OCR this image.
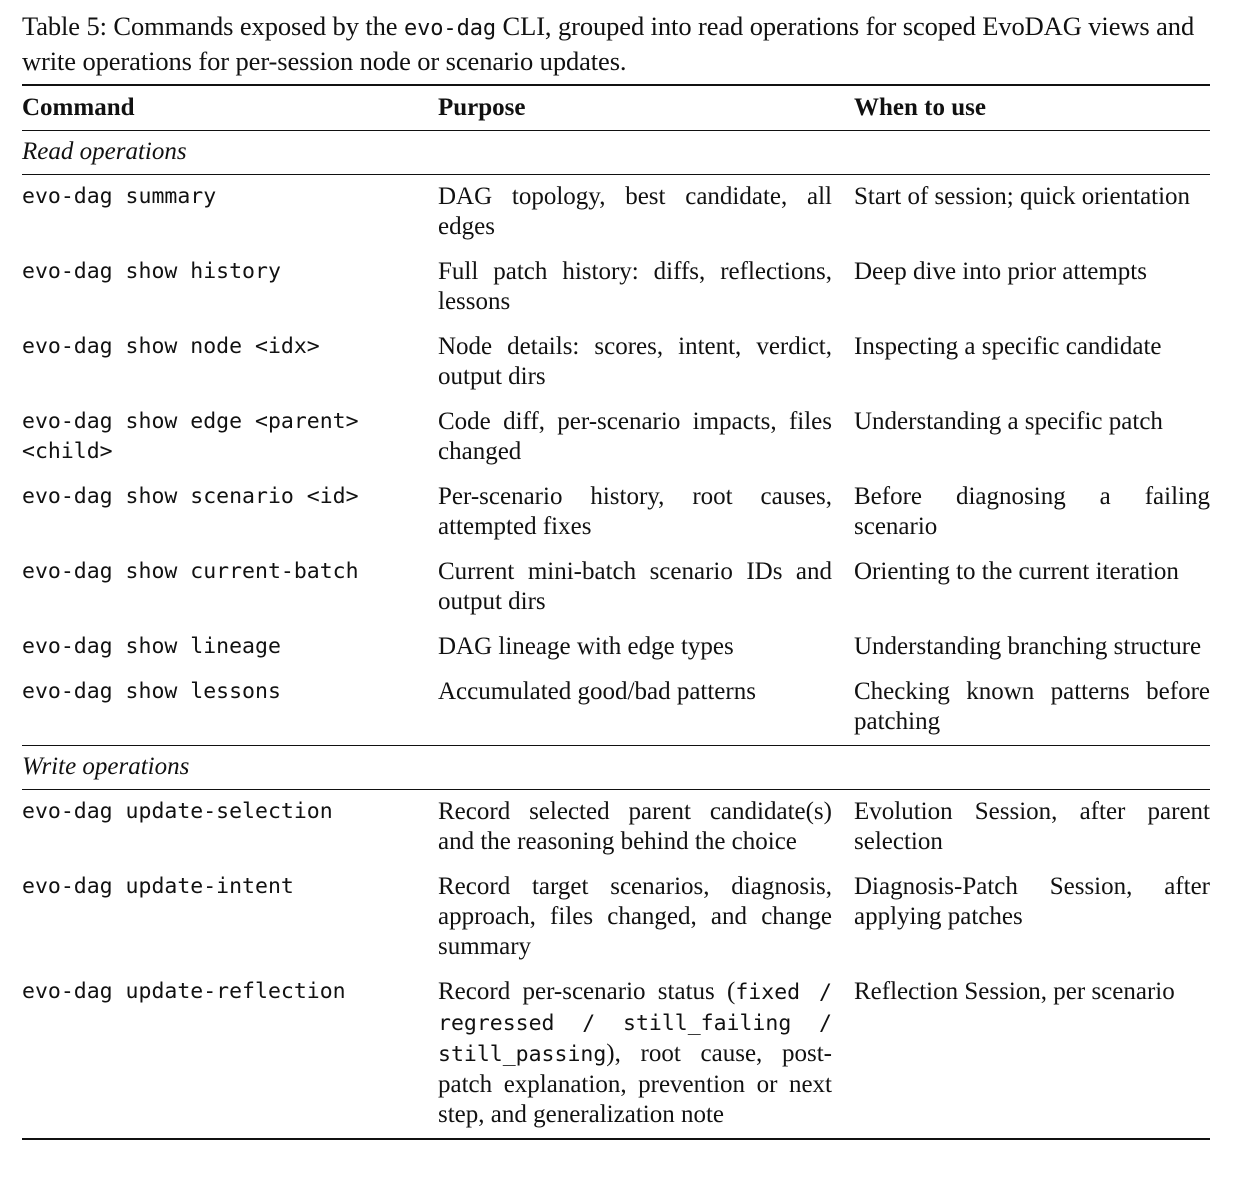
Table 5: Commands exposed by the evo-dag CLI, grouped into read operations for scoped EvoDAG views and write operations for per-session node or scenario updates.

Command	Purpose	When to use
Read operations		
evo-dag summary	DAG topology, best candidate, all edges	Start of session; quick orientation
evo-dag show history	Full patch history: diffs, reflections, lessons	Deep dive into prior attempts
evo-dag show node <idx>	Node details: scores, intent, verdict, output dirs	Inspecting a specific candidate
evo-dag show edge <parent> <child>	Code diff, per-scenario impacts, files changed	Understanding a specific patch
evo-dag show scenario <id>	Per-scenario history, root causes, attempted fixes	Before diagnosing a failing scenario
evo-dag show current-batch	Current mini-batch scenario IDs and output dirs	Orienting to the current iteration
evo-dag show lineage	DAG lineage with edge types	Understanding branching structure
evo-dag show lessons	Accumulated good/bad patterns	Checking known patterns before patching
Write operations		
evo-dag update-selection	Record selected parent candidate(s) and the reasoning behind the choice	Evolution Session, after parent selection
evo-dag update-intent	Record target scenarios, diagnosis, approach, files changed, and change summary	Diagnosis-Patch Session, after applying patches
evo-dag update-reflection	Record per-scenario status (fixed / regressed / still_failing / still_passing), root cause, post-patch explanation, prevention or next step, and generalization note	Reflection Session, per scenario
